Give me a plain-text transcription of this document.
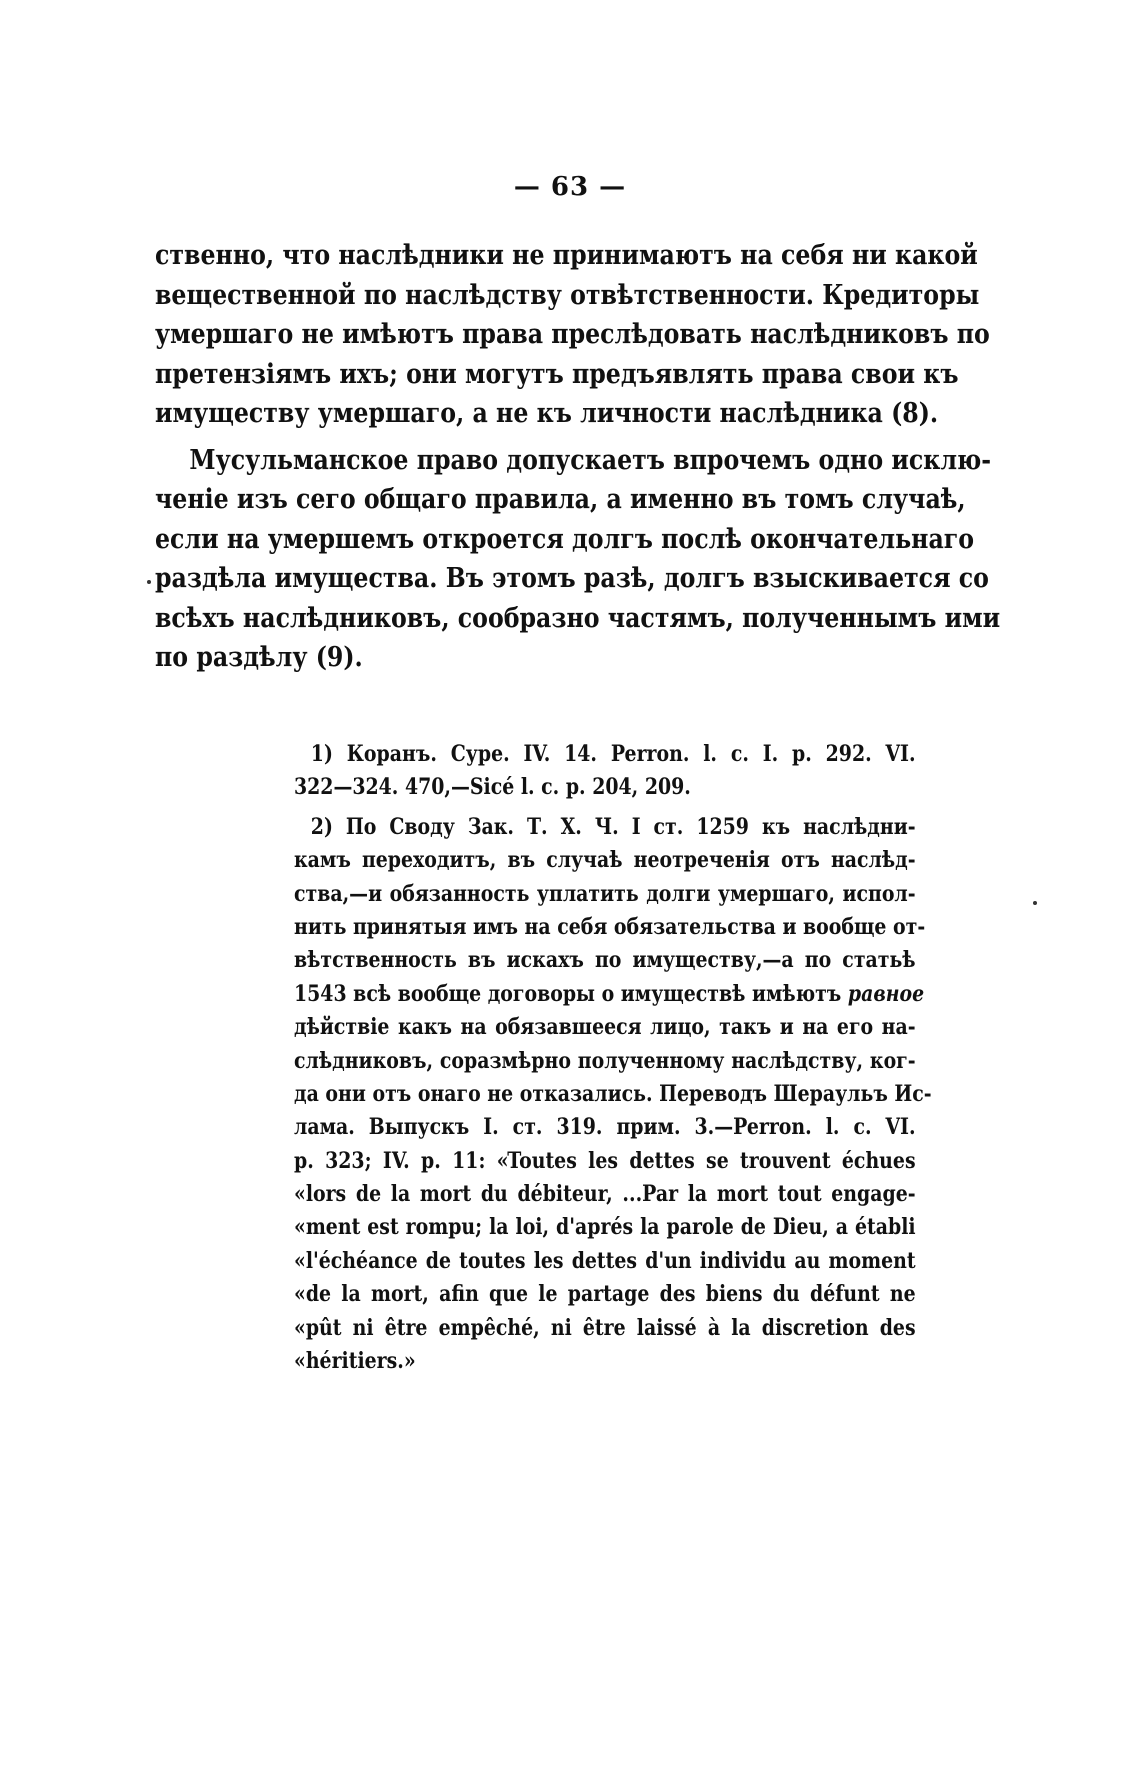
— 63 —
ственно, что наслѣдники не принимаютъ на себя ни какой
вещественной по наслѣдству отвѣтственности. Кредиторы
умершаго не имѣютъ права преслѣдовать наслѣдниковъ по
претензіямъ ихъ; они могутъ предъявлять права свои къ
имуществу умершаго, а не къ личности наслѣдника (8).
Мусульманское право допускаетъ впрочемъ одно исклю-
ченіе изъ сего общаго правила, а именно въ томъ случаѣ,
если на умершемъ откроется долгъ послѣ окончательнаго
раздѣла имущества. Въ этомъ разѣ, долгъ взыскивается со
всѣхъ наслѣдниковъ, сообразно частямъ, полученнымъ ими
по раздѣлу (9).
1) Коранъ. Суре. IV. 14. Perron. l. c. I. p. 292. VI.
322—324. 470,—Sicé l. c. p. 204, 209.
2) По Своду Зак. Т. X. Ч. I ст. 1259 къ наслѣдни-
камъ переходитъ, въ случаѣ неотреченія отъ наслѣд-
ства,—и обязанность уплатить долги умершаго, испол-
нить принятыя имъ на себя обязательства и вообще от-
вѣтственность въ искахъ по имуществу,—а по статьѣ
1543 всѣ вообще договоры о имуществѣ имѣютъ равное
дѣйствіе какъ на обязавшееся лицо, такъ и на его на-
слѣдниковъ, соразмѣрно полученному наслѣдству, ког-
да они отъ онаго не отказались. Переводъ Шераульъ Ис-
лама. Выпускъ I. ст. 319. прим. 3.—Perron. l. c. VI.
p. 323; IV. p. 11: «Toutes les dettes se trouvent échues
«lors de la mort du débiteur, ...Par la mort tout engage-
«ment est rompu; la loi, d'aprés la parole de Dieu, a établi
«l'échéance de toutes les dettes d'un individu au moment
«de la mort, afin que le partage des biens du défunt ne
«pût ni être empêché, ni être laissé à la discretion des
«héritiers.»
